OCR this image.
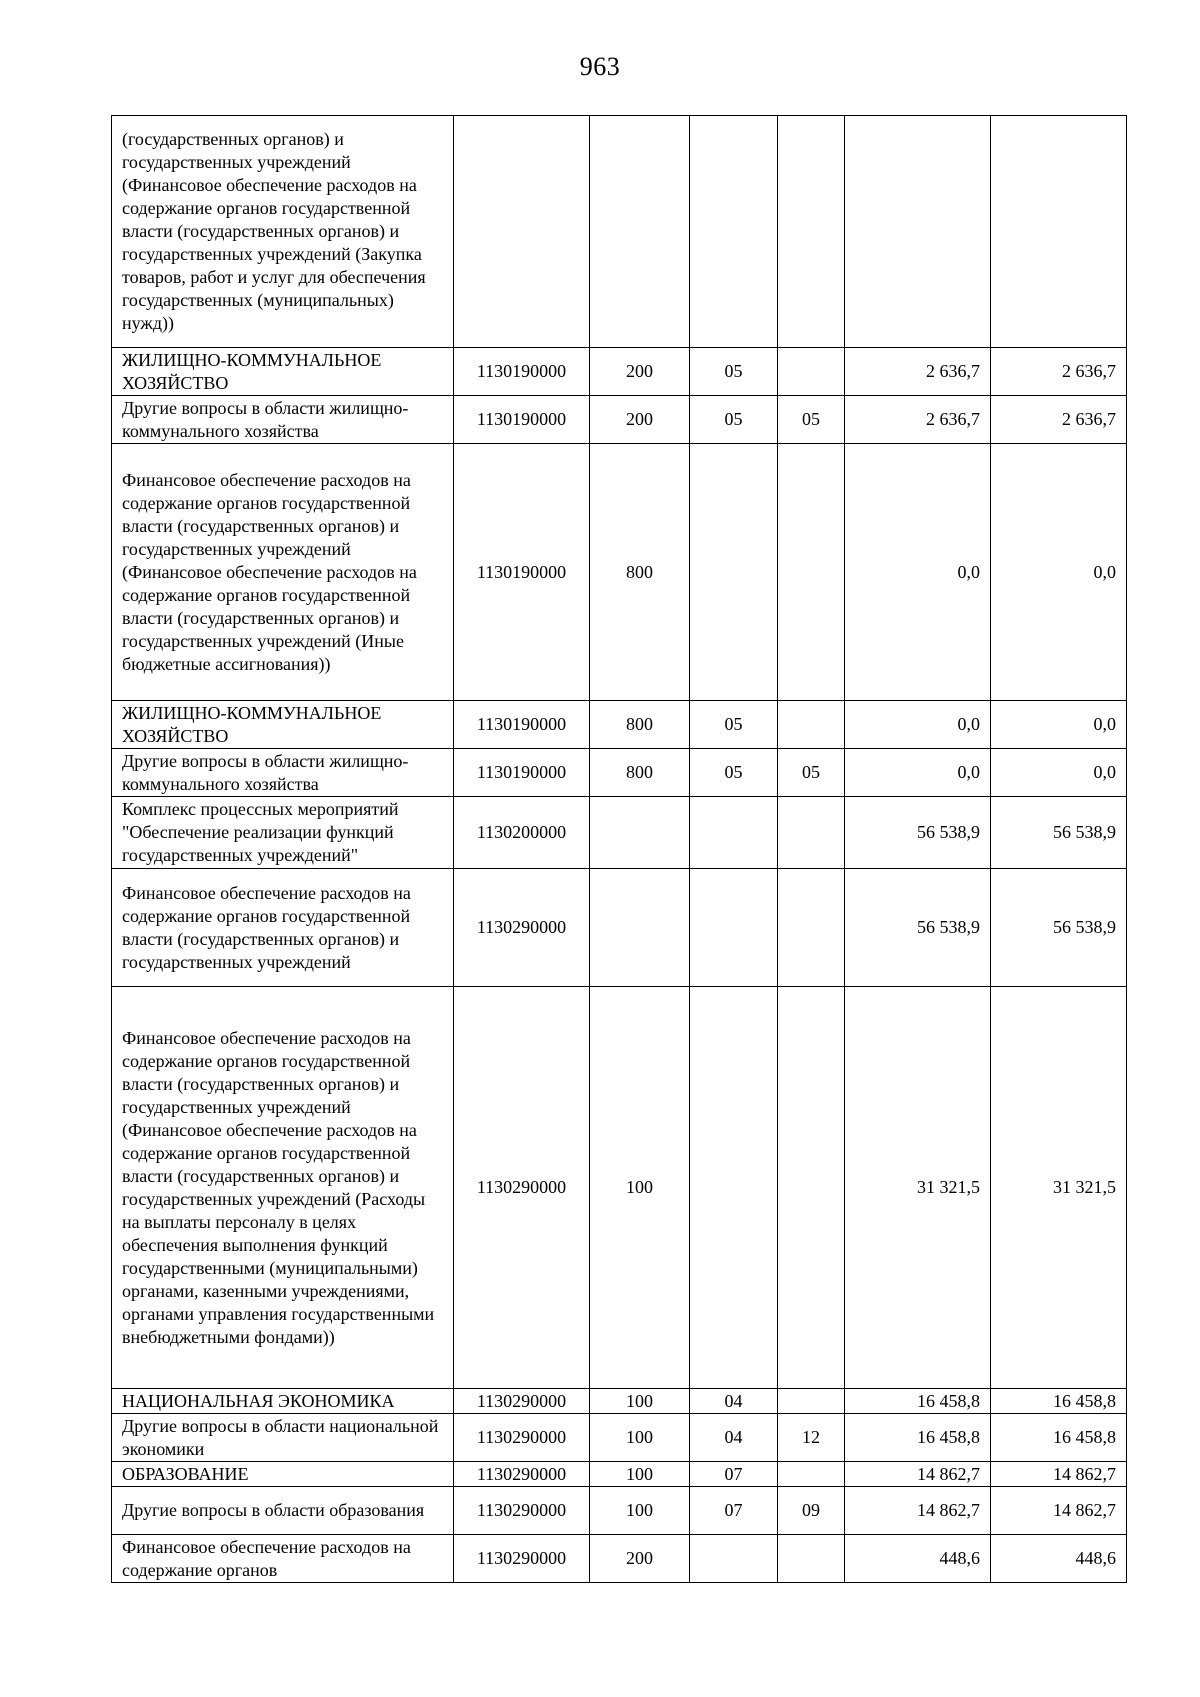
963
(государственных органов) и государственных учреждений (Финансовое обеспечение расходов на содержание органов государственной власти (государственных органов) и государственных учреждений (Закупка товаров, работ и услуг для обеспечения государственных (муниципальных) нужд))						
ЖИЛИЩНО-КОММУНАЛЬНОЕ ХОЗЯЙСТВО	1130190000	200	05		2 636,7	2 636,7
Другие вопросы в области жилищно-коммунального хозяйства	1130190000	200	05	05	2 636,7	2 636,7
Финансовое обеспечение расходов на содержание органов государственной власти (государственных органов) и государственных учреждений (Финансовое обеспечение расходов на содержание органов государственной власти (государственных органов) и государственных учреждений (Иные бюджетные ассигнования))	1130190000	800			0,0	0,0
ЖИЛИЩНО-КОММУНАЛЬНОЕ ХОЗЯЙСТВО	1130190000	800	05		0,0	0,0
Другие вопросы в области жилищно-коммунального хозяйства	1130190000	800	05	05	0,0	0,0
Комплекс процессных мероприятий "Обеспечение реализации функций государственных учреждений"	1130200000				56 538,9	56 538,9
Финансовое обеспечение расходов на содержание органов государственной власти (государственных органов) и государственных учреждений	1130290000				56 538,9	56 538,9
Финансовое обеспечение расходов на содержание органов государственной власти (государственных органов) и государственных учреждений (Финансовое обеспечение расходов на содержание органов государственной власти (государственных органов) и государственных учреждений (Расходы на выплаты персоналу в целях обеспечения выполнения функций государственными (муниципальными) органами, казенными учреждениями, органами управления государственными внебюджетными фондами))	1130290000	100			31 321,5	31 321,5
НАЦИОНАЛЬНАЯ ЭКОНОМИКА	1130290000	100	04		16 458,8	16 458,8
Другие вопросы в области национальной экономики	1130290000	100	04	12	16 458,8	16 458,8
ОБРАЗОВАНИЕ	1130290000	100	07		14 862,7	14 862,7
Другие вопросы в области образования	1130290000	100	07	09	14 862,7	14 862,7
Финансовое обеспечение расходов на содержание органов	1130290000	200			448,6	448,6
